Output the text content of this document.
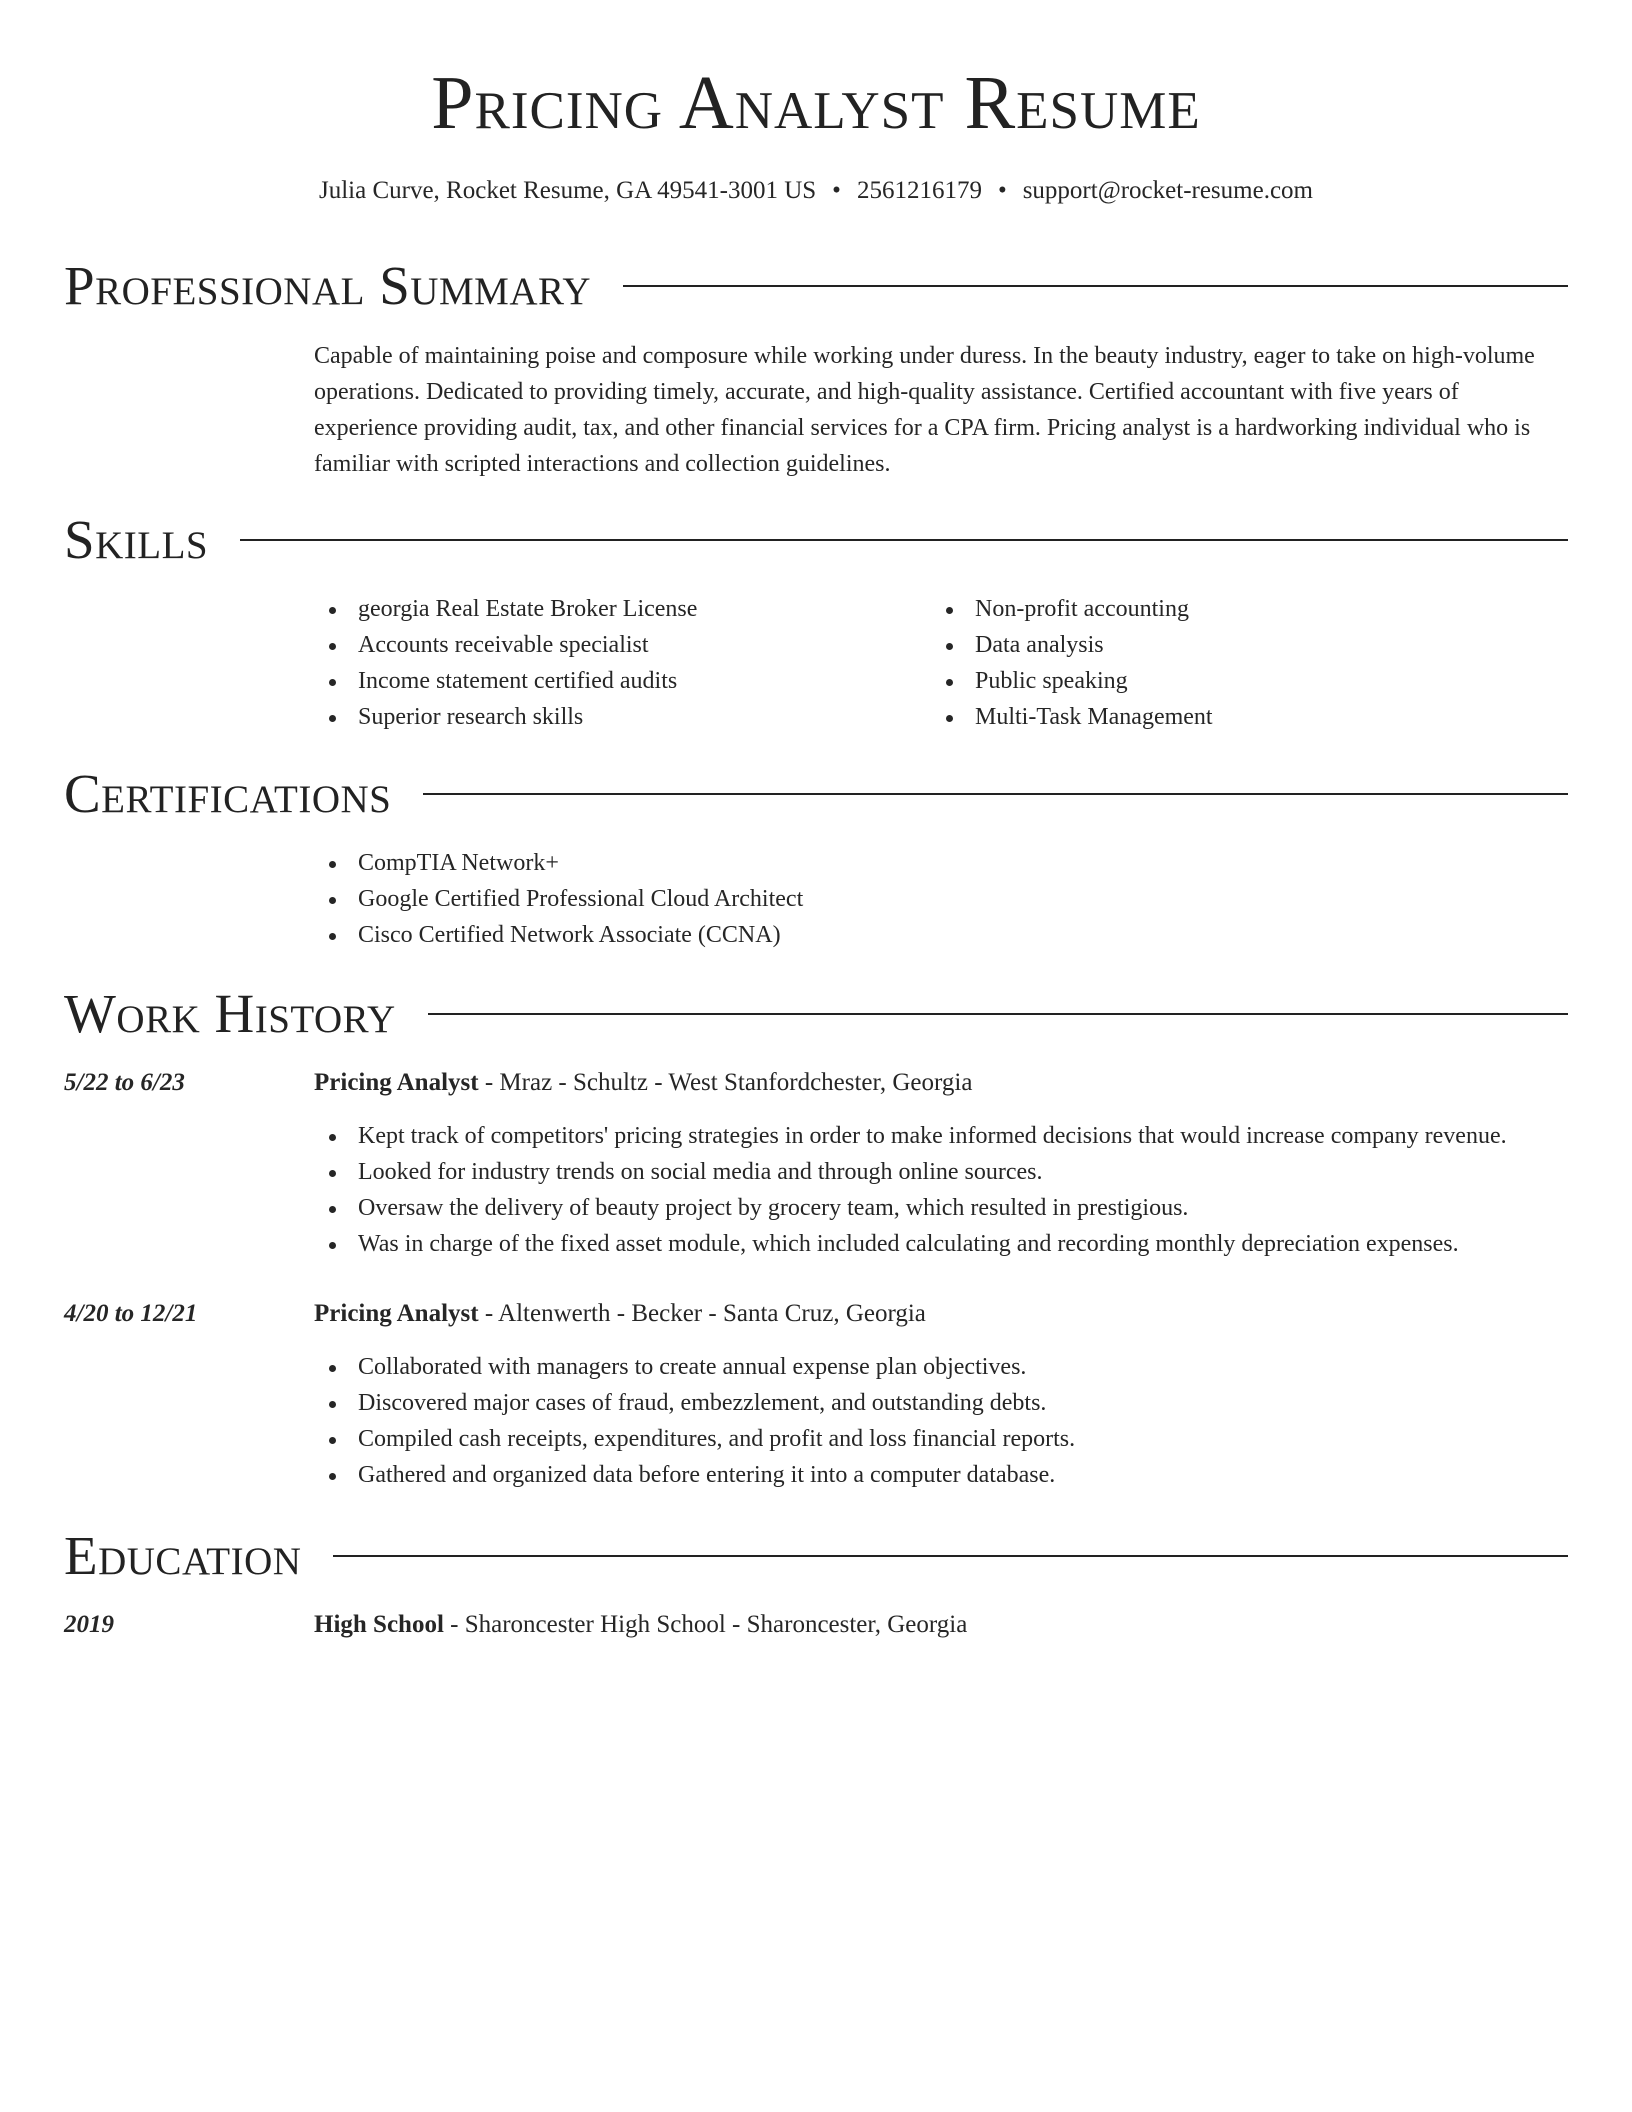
Pricing Analyst Resume
Julia Curve, Rocket Resume, GA 49541-3001 US • 2561216179 • support@rocket-resume.com
Professional Summary

Capable of maintaining poise and composure while working under duress. In the beauty industry, eager to take on high-volume operations. Dedicated to providing timely, accurate, and high-quality assistance. Certified accountant with five years of experience providing audit, tax, and other financial services for a CPA firm. Pricing analyst is a hardworking individual who is familiar with scripted interactions and collection guidelines.

Skills
georgia Real Estate Broker License
Accounts receivable specialist
Income statement certified audits
Superior research skills
Non-profit accounting
Data analysis
Public speaking
Multi-Task Management
Certifications
CompTIA Network+
Google Certified Professional Cloud Architect
Cisco Certified Network Associate (CCNA)
Work History
5/22 to 6/23	Pricing Analyst - Mraz - Schultz - West Stanfordchester, Georgia
Kept track of competitors' pricing strategies in order to make informed decisions that would increase company revenue.
Looked for industry trends on social media and through online sources.
Oversaw the delivery of beauty project by grocery team, which resulted in prestigious.
Was in charge of the fixed asset module, which included calculating and recording monthly depreciation expenses.
4/20 to 12/21	Pricing Analyst - Altenwerth - Becker - Santa Cruz, Georgia
Collaborated with managers to create annual expense plan objectives.
Discovered major cases of fraud, embezzlement, and outstanding debts.
Compiled cash receipts, expenditures, and profit and loss financial reports.
Gathered and organized data before entering it into a computer database.
Education
2019	High School - Sharoncester High School - Sharoncester, Georgia
